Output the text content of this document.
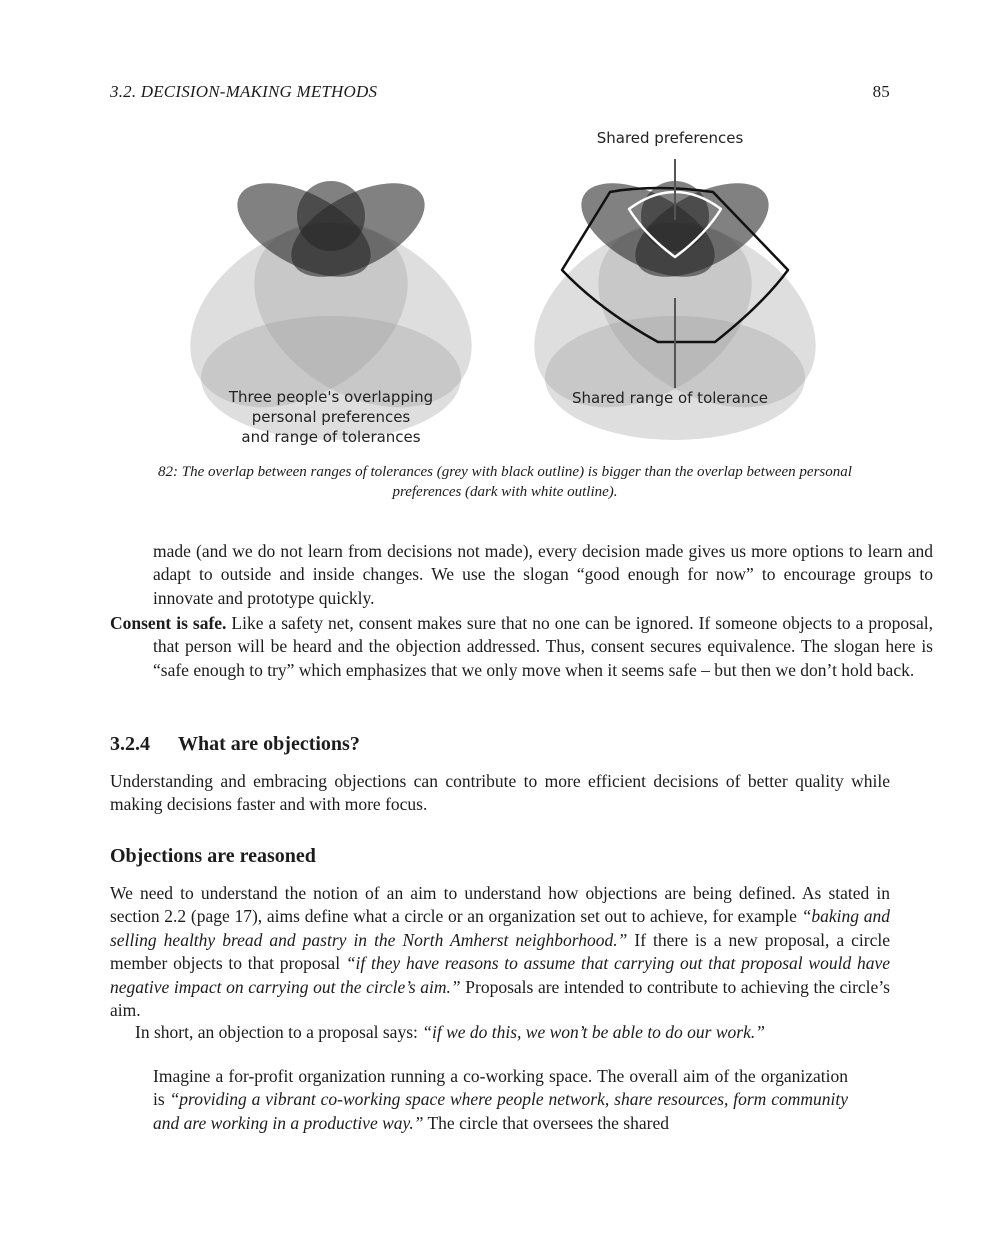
3.2. DECISION-MAKING METHODS	85
Shared preferences
Shared range of tolerance
Three people's overlapping
personal preferences
and range of tolerances
82: The overlap between ranges of tolerances (grey with black outline) is bigger than the overlap between personal preferences (dark with white outline).

made (and we do not learn from decisions not made), every decision made gives us more options to learn and adapt to outside and inside changes. We use the slogan “good enough for now” to encourage groups to innovate and prototype quickly.

Consent is safe. Like a safety net, consent makes sure that no one can be ignored. If someone objects to a proposal, that person will be heard and the objection addressed. Thus, consent secures equivalence. The slogan here is “safe enough to try” which emphasizes that we only move when it seems safe – but then we don’t hold back.

3.2.4 What are objections?

Understanding and embracing objections can contribute to more efficient decisions of better quality while making decisions faster and with more focus.

Objections are reasoned

We need to understand the notion of an aim to understand how objections are being defined. As stated in section 2.2 (page 17), aims define what a circle or an organization set out to achieve, for example “baking and selling healthy bread and pastry in the North Amherst neighborhood.” If there is a new proposal, a circle member objects to that proposal “if they have reasons to assume that carrying out that proposal would have negative impact on carrying out the circle’s aim.” Proposals are intended to contribute to achieving the circle’s aim.

In short, an objection to a proposal says: “if we do this, we won’t be able to do our work.”

Imagine a for-profit organization running a co-working space. The overall aim of the organization is “providing a vibrant co-working space where people network, share resources, form community and are working in a productive way.” The circle that oversees the shared
